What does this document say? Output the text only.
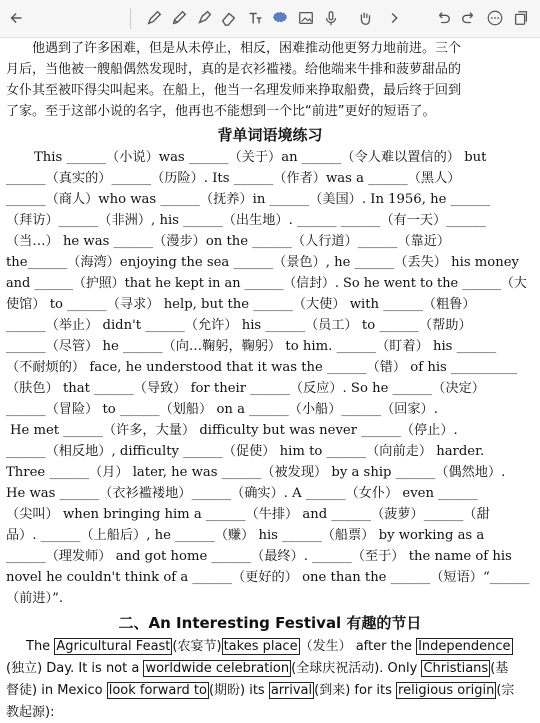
他遇到了许多困难，但是从未停止，相反，困难推动他更努力地前进。三个
月后，当他被一艘船偶然发现时，真的是衣衫褴褛。给他端来牛排和菠萝甜品的
女仆其至被吓得尖叫起来。在船上，他当一名理发师来挣取船费，最后终于回到
了家。至于这部小说的名字，他再也不能想到一个比“前进”更好的短语了。
背单词语境练习
This ______（小说）was ______（关于）an ______（令人难以置信的） but
______（真实的）______（历险）. Its ______（作者）was a ______（黑人）
______（商人）who was ______（抚养）in ______（美国）. In 1956, he ______
（拜访）______（非洲）, his ______（出生地）. ______ ______（有一天）______
（当…） he was ______（漫步）on the ______（人行道）______（靠近）
the______（海湾）enjoying the sea ______（景色）, he ______（丢失） his money
and ______（护照）that he kept in an ______（信封）. So he went to the ______（大
使馆） to ______（寻求） help, but the ______（大使） with ______（粗鲁）
______（举止） didn't ______（允许） his ______（员工） to ______（帮助）
______（尽管） he ______（向…鞠躬，鞠躬） to him. ______（盯着） his ______
（不耐烦的） face, he understood that it was the ______（错） of his __________
（肤色） that ______（导致） for their ______（反应）. So he ______（决定）
______（冒险） to ______（划船） on a ______（小船）______（回家）.
He met ______（许多，大量） difficulty but was never ______（停止）.
______（相反地）, difficulty ______（促使） him to ______（向前走） harder.
Three ______（月） later, he was ______（被发现） by a ship ______（偶然地）.
He was ______（衣衫褴褛地）______（确实）. A ______（女仆） even ______
（尖叫） when bringing him a ______（牛排） and ______（菠萝）______（甜
品）. ______（上船后）, he ______（赚） his ______（船票） by working as a
______（理发师） and got home ______（最终）. ______（至于） the name of his
novel he couldn't think of a ______（更好的） one than the ______（短语）“______
（前进）”.
二、An Interesting Festival 有趣的节日
The Agricultural Feast (农宴节) takes place （发生） after the Independence
(独立) Day. It is not a worldwide celebration (全球庆祝活动). Only Christians (基
督徒) in Mexico look forward to (期盼) its arrival (到来) for its religious origin (宗
教起源):
